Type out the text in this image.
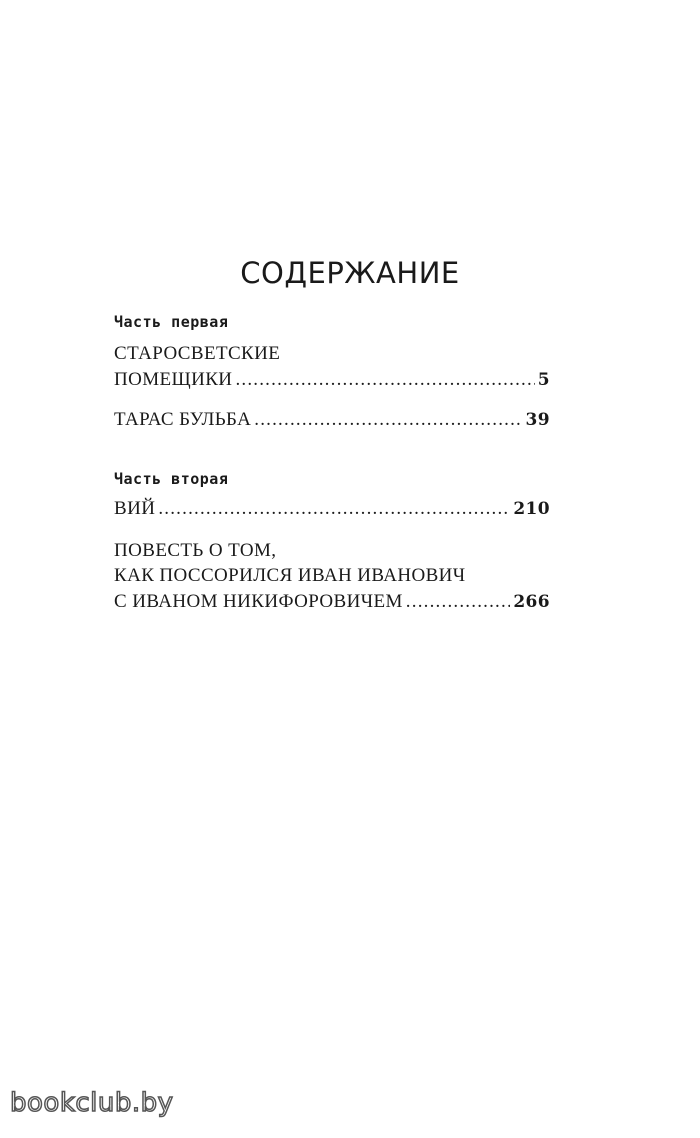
СОДЕРЖАНИЕ
Часть первая
СТАРОСВЕТСКИЕ
ПОМЕЩИКИ .....	5
ТАРАС БУЛЬБА .....	39
Часть вторая
ВИЙ .....	210
ПОВЕСТЬ О ТОМ,
КАК ПОССОРИЛСЯ ИВАН ИВАНОВИЧ
С ИВАНОМ НИКИФОРОВИЧЕМ .....	266
bookclub.by
